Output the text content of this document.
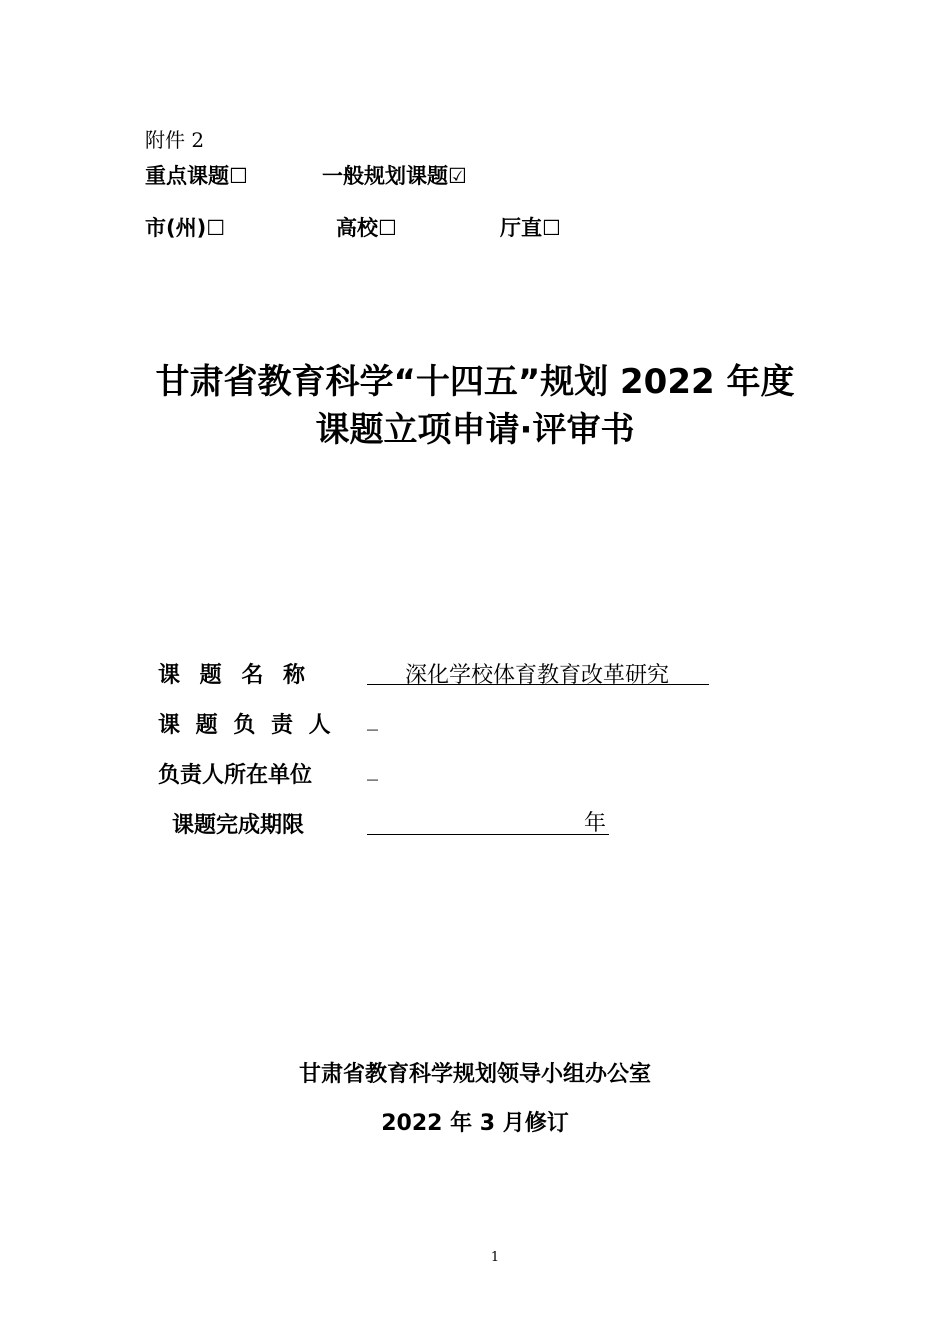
附件 2
重点课题☐	一般规划课题☑
市(州)☐	高校☐	厅直☐
甘肃省教育科学“十四五”规划 2022 年度
课题立项申请·评审书
课 题 名 称	深化学校体育教育改革研究
课 题 负 责 人 _
负责人所在单位 _
课题完成期限	年
甘肃省教育科学规划领导小组办公室
2022 年 3 月修订
1
